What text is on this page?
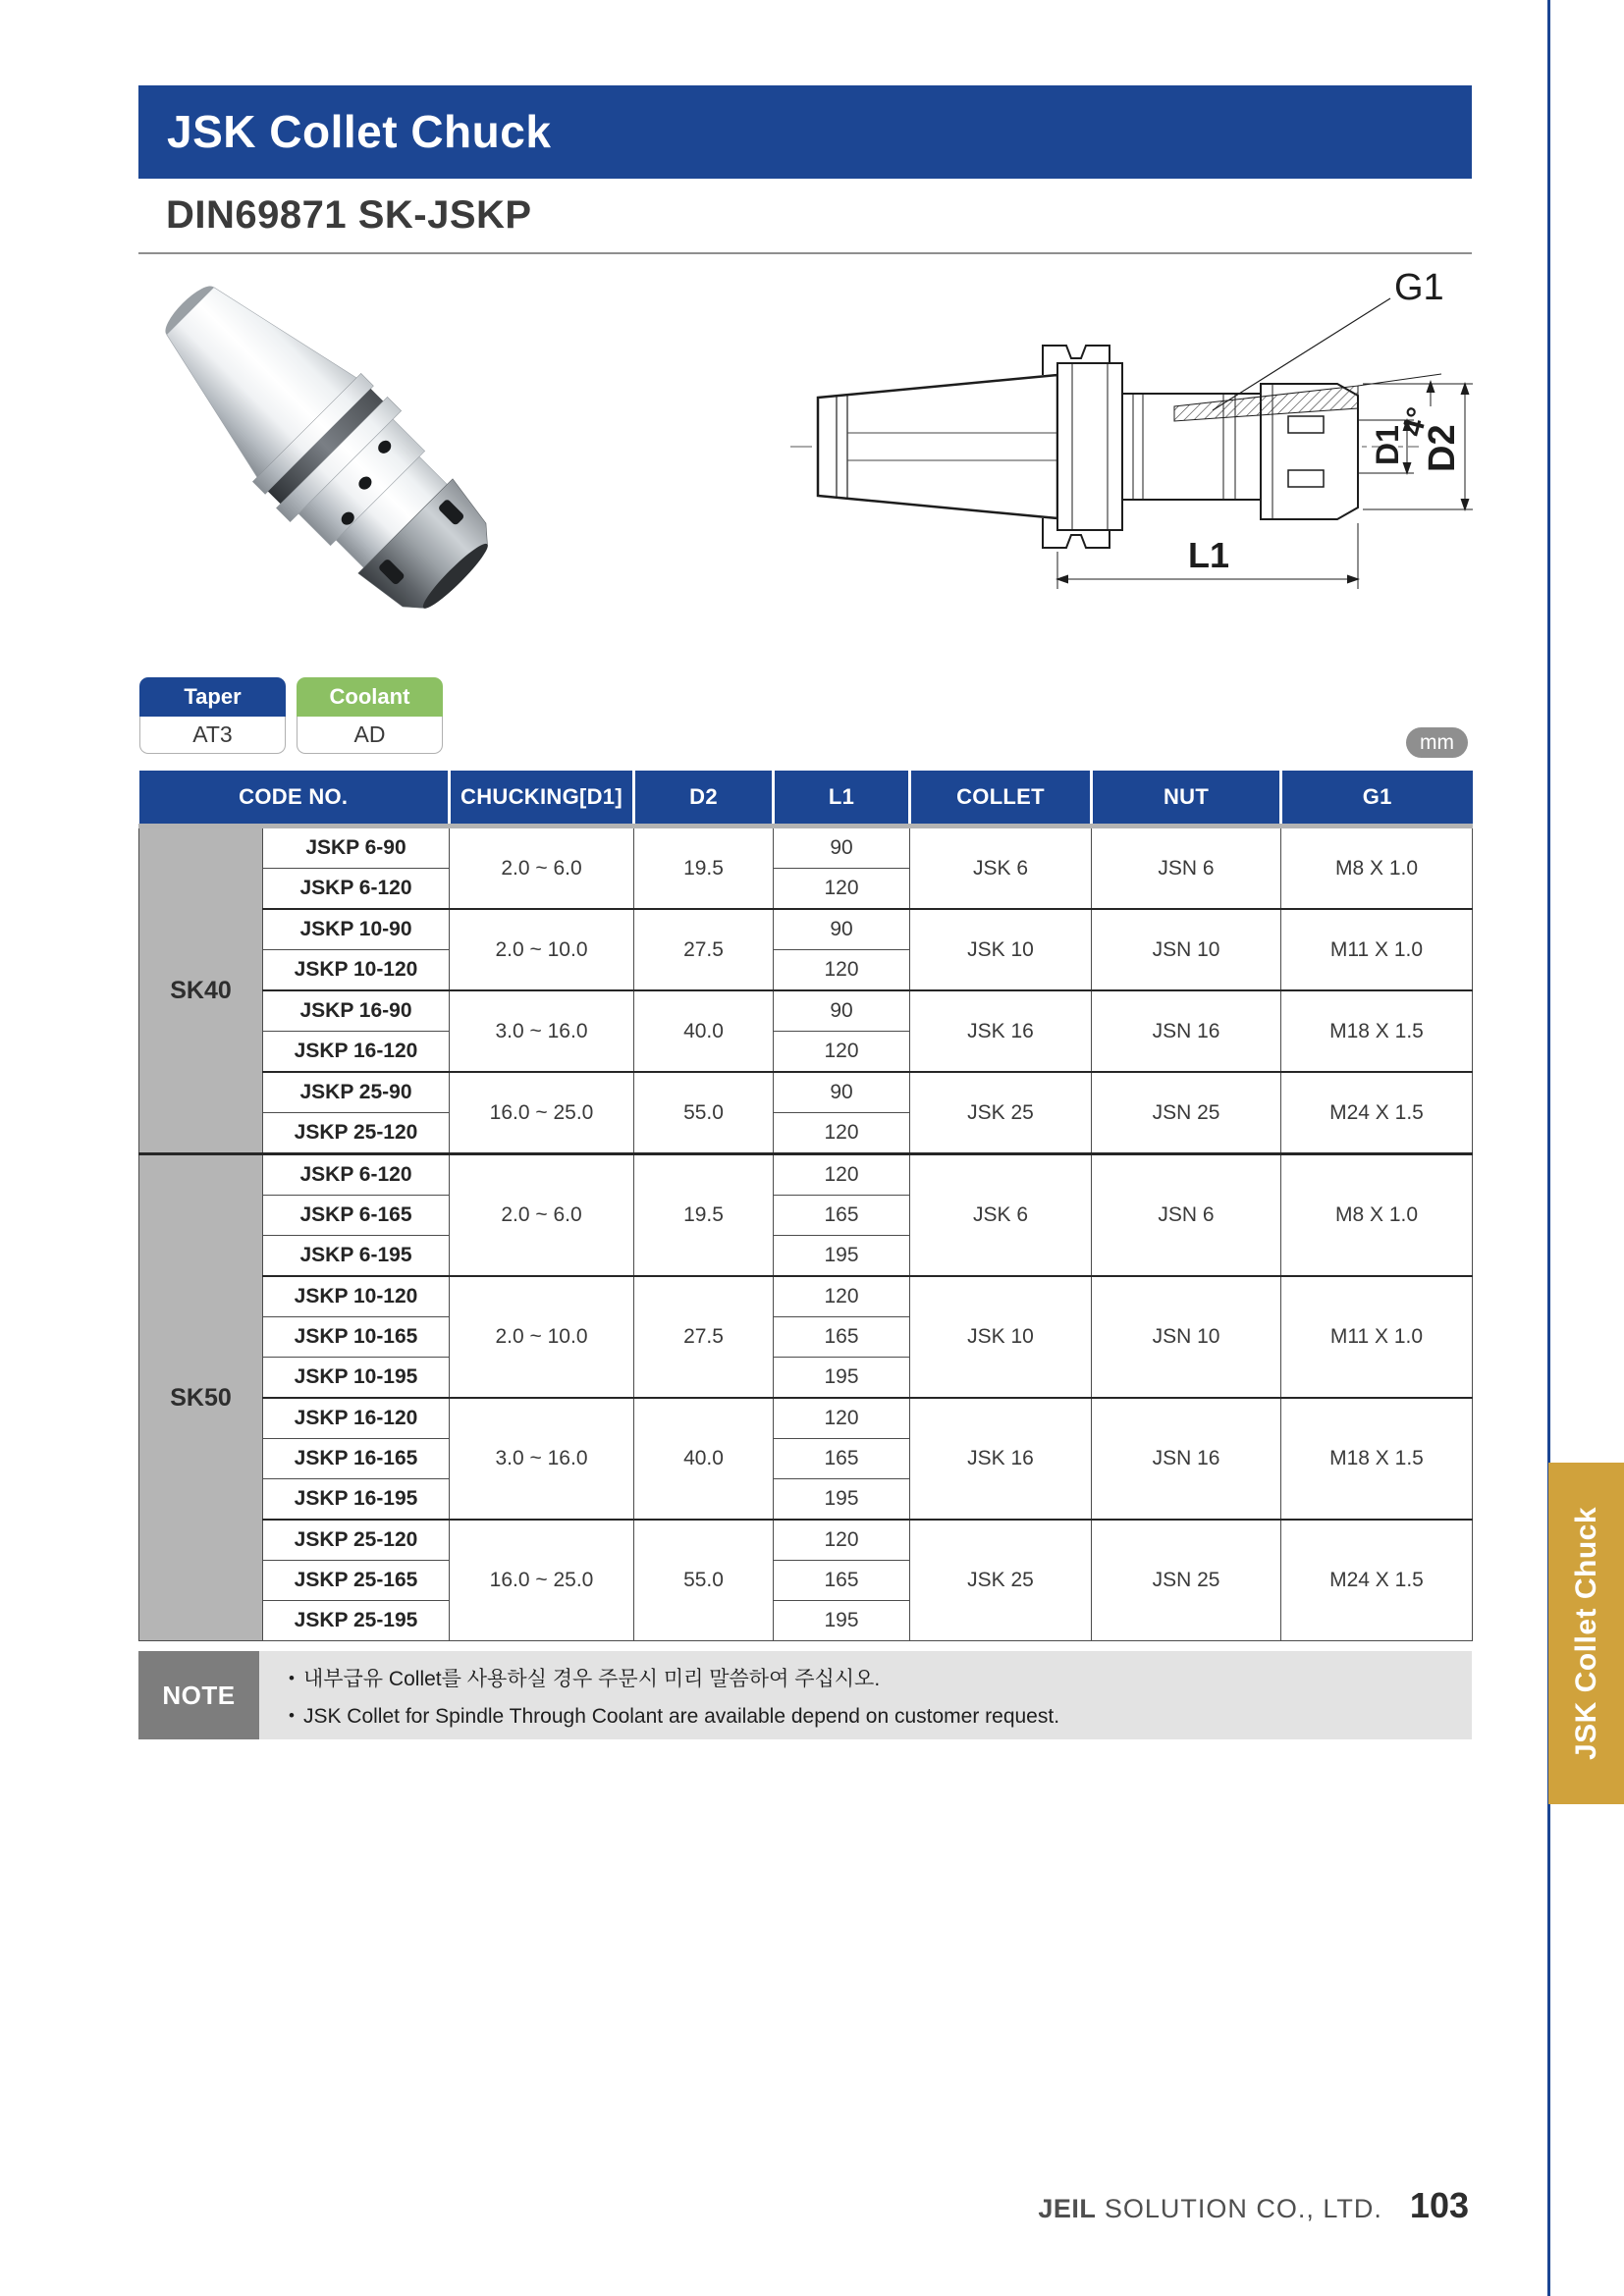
JSK Collet Chuck
DIN69871 SK-JSKP
G1
4°
D1 D2
L1
Taper
AT3
Coolant
AD	mm
CODE NO.		CHUCKING[D1]	D2	L1	COLLET	NUT	G1
SK40	JSKP 6-90	2.0 ~ 6.0	19.5	90	JSK 6	JSN 6	M8 X 1.0
	JSKP 6-120			120			
	JSKP 10-90	2.0 ~ 10.0	27.5	90	JSK 10	JSN 10	M11 X 1.0
	JSKP 10-120			120			
	JSKP 16-90	3.0 ~ 16.0	40.0	90	JSK 16	JSN 16	M18 X 1.5
	JSKP 16-120			120			
	JSKP 25-90	16.0 ~ 25.0	55.0	90	JSK 25	JSN 25	M24 X 1.5
	JSKP 25-120			120			
SK50	JSKP 6-120	2.0 ~ 6.0	19.5	120	JSK 6	JSN 6	M8 X 1.0
	JSKP 6-165			165			
	JSKP 6-195			195			
	JSKP 10-120	2.0 ~ 10.0	27.5	120	JSK 10	JSN 10	M11 X 1.0
	JSKP 10-165			165			
	JSKP 10-195			195			
	JSKP 16-120	3.0 ~ 16.0	40.0	120	JSK 16	JSN 16	M18 X 1.5
	JSKP 16-165			165			
	JSKP 16-195			195			
	JSKP 25-120	16.0 ~ 25.0	55.0	120	JSK 25	JSN 25	M24 X 1.5
	JSKP 25-165			165			
	JSKP 25-195			195			
NOTE
• 내부급유 Collet를 사용하실 경우 주문시 미리 말씀하여 주십시오.
• JSK Collet for Spindle Through Coolant are available depend on customer request.
JEIL SOLUTION CO., LTD. 103
JSK Collet Chuck
